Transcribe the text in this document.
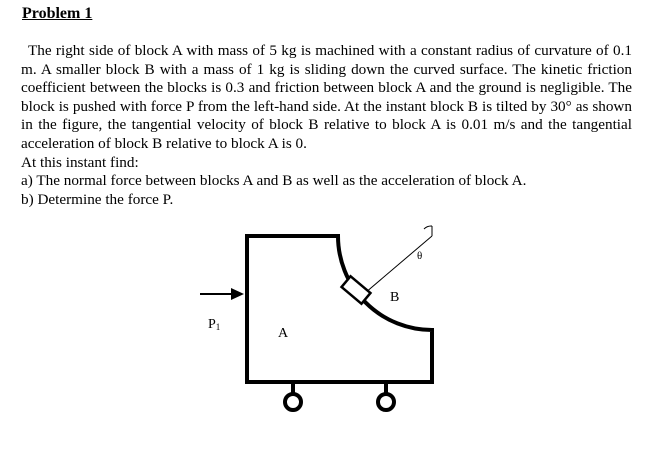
Problem 1

The right side of block A with mass of 5 kg is machined with a constant radius of curvature of 0.1 m. A smaller block B with a mass of 1 kg is sliding down the curved surface. The kinetic friction coefficient between the blocks is 0.3 and friction between block A and the ground is negligible. The block is pushed with force P from the left-hand side. At the instant block B is tilted by 30° as shown in the figure, the tangential velocity of block B relative to block A is 0.01 m/s and the tangential acceleration of block B relative to block A is 0.

At this instant find:

a) The normal force between blocks A and B as well as the acceleration of block A.

b) Determine the force P.

P1	A
B
θ
